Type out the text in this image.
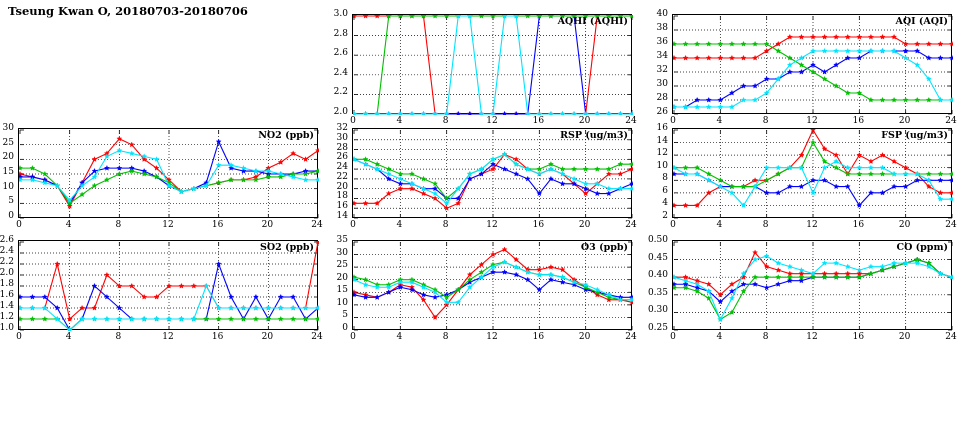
Tseung Kwan O, 20180703-20180706
AQHI (AQHI)
0	4	8	12	16	20	24
2.0
2.2
2.4
2.6
2.8
3.0
AQI (AQI)
0	4	8	12	16	20	24
26
28
30
32
34
36
38
40
NO2 (ppb)
0	4	8	12	16	20	24
0
5
10
15
20
25
30
RSP (ug/m3)
0	4	8	12	16	20	24
14
16
18
20
22
24
26
28
30
32
FSP (ug/m3)
0	4	8	12	16	20	24
2
4
6
8
10
12
14
16
SO2 (ppb)
0	4	8	12	16	20	24
1.0
1.2
1.4
1.6
1.8
2.0
2.2
2.4
2.6
O3 (ppb)
0	4	8	12	16	20	24
0
5
10
15
20
25
30
35
CO (ppm)
0	4	8	12	16	20	24
0.25
0.30
0.35
0.40
0.45
0.50
